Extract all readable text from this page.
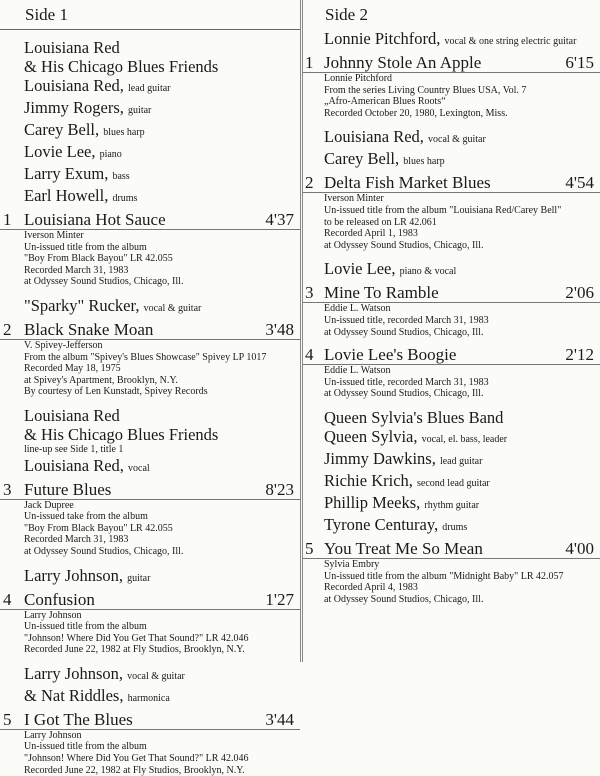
Side 1
Louisiana Red
& His Chicago Blues Friends
Louisiana Red, lead guitar
Jimmy Rogers, guitar
Carey Bell, blues harp
Lovie Lee, piano
Larry Exum, bass
Earl Howell, drums
1 Louisiana Hot Sauce	4'37
Iverson Minter
Un-issued title from the album
"Boy From Black Bayou" LR 42.055
Recorded March 31, 1983
at Odyssey Sound Studios, Chicago, Ill.
"Sparky" Rucker, vocal & guitar
2 Black Snake Moan	3'48
V. Spivey-Jefferson
From the album "Spivey's Blues Showcase" Spivey LP 1017
Recorded May 18, 1975
at Spivey's Apartment, Brooklyn, N.Y.
By courtesy of Len Kunstadt, Spivey Records
Louisiana Red
& His Chicago Blues Friends
line-up see Side 1, title 1
Louisiana Red, vocal
3 Future Blues	8'23
Jack Dupree
Un-issued take from the album
"Boy From Black Bayou" LR 42.055
Recorded March 31, 1983
at Odyssey Sound Studios, Chicago, Ill.
Larry Johnson, guitar
4 Confusion	1'27
Larry Johnson
Un-issued title from the album
"Johnson! Where Did You Get That Sound?" LR 42.046
Recorded June 22, 1982 at Fly Studios, Brooklyn, N.Y.
Larry Johnson, vocal & guitar
& Nat Riddles, harmonica
5 I Got The Blues	3'44
Larry Johnson
Un-issued title from the album
"Johnson! Where Did You Get That Sound?" LR 42.046
Recorded June 22, 1982 at Fly Studios, Brooklyn, N.Y.
Side 2
Lonnie Pitchford, vocal & one string electric guitar
1 Johnny Stole An Apple	6'15
Lonnie Pitchford
From the series Living Country Blues USA, Vol. 7
„Afro-American Blues Roots“
Recorded October 20, 1980, Lexington, Miss.
Louisiana Red, vocal & guitar
Carey Bell, blues harp
2 Delta Fish Market Blues	4'54
Iverson Minter
Un-issued title from the album "Louisiana Red/Carey Bell"
to be released on LR 42.061
Recorded April 1, 1983
at Odyssey Sound Studios, Chicago, Ill.
Lovie Lee, piano & vocal
3 Mine To Ramble	2'06
Eddie L. Watson
Un-issued title, recorded March 31, 1983
at Odyssey Sound Studios, Chicago, Ill.
4 Lovie Lee's Boogie	2'12
Eddie L. Watson
Un-issued title, recorded March 31, 1983
at Odyssey Sound Studios, Chicago, Ill.
Queen Sylvia's Blues Band
Queen Sylvia, vocal, el. bass, leader
Jimmy Dawkins, lead guitar
Richie Krich, second lead guitar
Phillip Meeks, rhythm guitar
Tyrone Centuray, drums
5 You Treat Me So Mean	4'00
Sylvia Embry
Un-issued title from the album "Midnight Baby" LR 42.057
Recorded April 4, 1983
at Odyssey Sound Studios, Chicago, Ill.
